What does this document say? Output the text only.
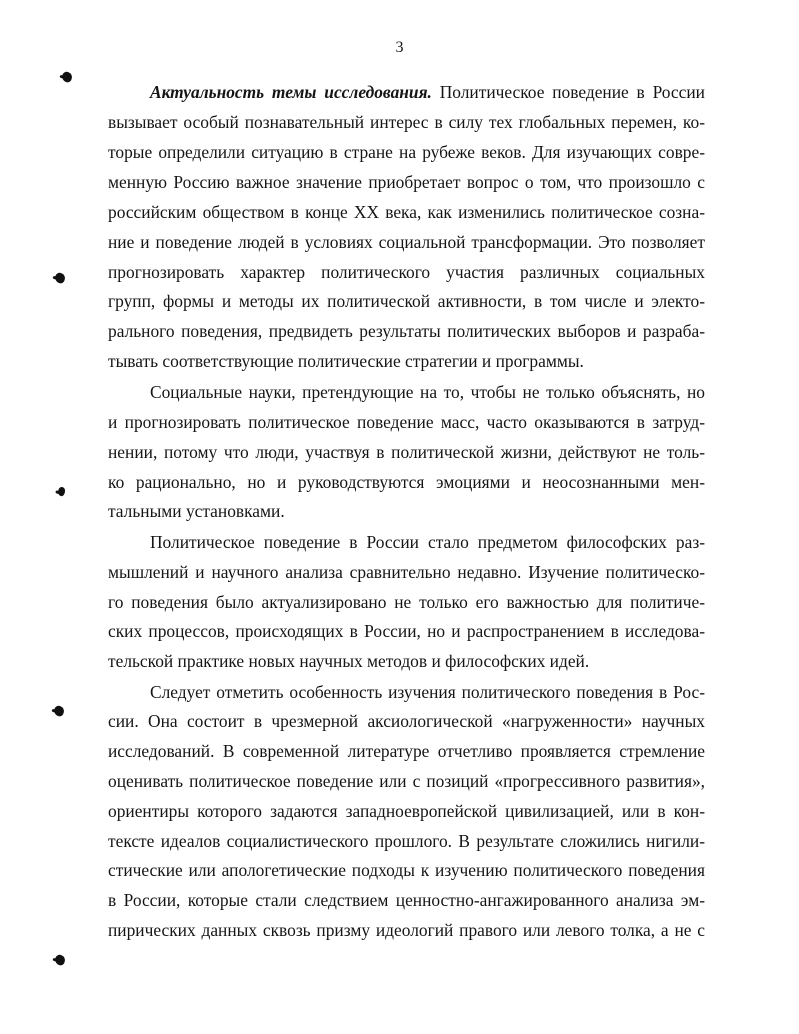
3
Актуальность темы исследования. Политическое поведение в России
вызывает особый познавательный интерес в силу тех глобальных перемен, ко-
торые определили ситуацию в стране на рубеже веков. Для изучающих совре-
менную Россию важное значение приобретает вопрос о том, что произошло с
российским обществом в конце XX века, как изменились политическое созна-
ние и поведение людей в условиях социальной трансформации. Это позволяет
прогнозировать характер политического участия различных социальных
групп, формы и методы их политической активности, в том числе и электо-
рального поведения, предвидеть результаты политических выборов и разраба-
тывать соответствующие политические стратегии и программы.
Социальные науки, претендующие на то, чтобы не только объяснять, но
и прогнозировать политическое поведение масс, часто оказываются в затруд-
нении, потому что люди, участвуя в политической жизни, действуют не толь-
ко рационально, но и руководствуются эмоциями и неосознанными мен-
тальными установками.
Политическое поведение в России стало предметом философских раз-
мышлений и научного анализа сравнительно недавно. Изучение политическо-
го поведения было актуализировано не только его важностью для политиче-
ских процессов, происходящих в России, но и распространением в исследова-
тельской практике новых научных методов и философских идей.
Следует отметить особенность изучения политического поведения в Рос-
сии. Она состоит в чрезмерной аксиологической «нагруженности» научных
исследований. В современной литературе отчетливо проявляется стремление
оценивать политическое поведение или с позиций «прогрессивного развития»,
ориентиры которого задаются западноевропейской цивилизацией, или в кон-
тексте идеалов социалистического прошлого. В результате сложились нигили-
стические или апологетические подходы к изучению политического поведения
в России, которые стали следствием ценностно-ангажированного анализа эм-
пирических данных сквозь призму идеологий правого или левого толка, а не с
